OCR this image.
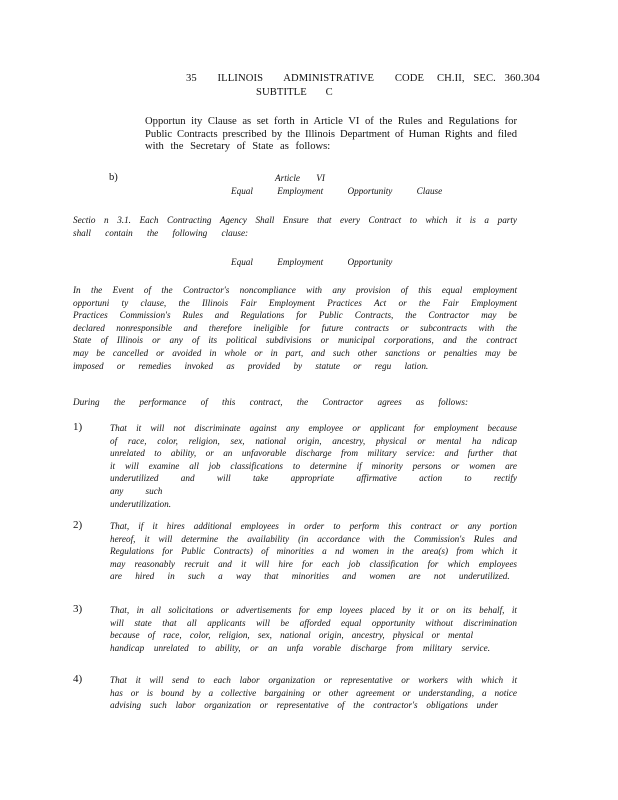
35 ILLINOIS ADMINISTRATIVE CODE CH.II, SEC. 360.304
SUBTITLE C
Opportun ity Clause as set forth in Article VI of the Rules and Regulations for
Public Contracts prescribed by the Illinois Department of Human Rights and filed
with the Secretary of State as follows:
b)	Article VI
Equal Employment Opportunity Clause
Sectio n 3.1. Each Contracting Agency Shall Ensure that every Contract to which it is a party
shall contain the following clause:
Equal Employment Opportunity
In the Event of the Contractor's noncompliance with any provision of this equal employment
opportuni ty clause, the Illinois Fair Employment Practices Act or the Fair Employment
Practices Commission's Rules and Regulations for Public Contracts, the Contractor may be
declared nonresponsible and therefore ineligible for future contracts or subcontracts with the
State of Illinois or any of its political subdivisions or municipal corporations, and the contract
may be cancelled or avoided in whole or in part, and such other sanctions or penalties may be
imposed or remedies invoked as provided by statute or regu lation.
During the performance of this contract, the Contractor agrees as follows:
1)	That it will not discriminate against any employee or applicant for employment because
of race, color, religion, sex, national origin, ancestry, physical or mental ha ndicap
unrelated to ability, or an unfavorable discharge from military service: and further that
it will examine all job classifications to determine if minority persons or women are
underutilized and will take appropriate affirmative action to rectify any such
underutilization.
2)	That, if it hires additional employees in order to perform this contract or any portion
hereof, it will determine the availability (in accordance with the Commission's Rules and
Regulations for Public Contracts) of minorities a nd women in the area(s) from which it
may reasonably recruit and it will hire for each job classification for which employees
are hired in such a way that minorities and women are not underutilized.
3)	That, in all solicitations or advertisements for emp loyees placed by it or on its behalf, it
will state that all applicants will be afforded equal opportunity without discrimination
because of race, color, religion, sex, national origin, ancestry, physical or mental
handicap unrelated to ability, or an unfa vorable discharge from military service.
4)	That it will send to each labor organization or representative or workers with which it
has or is bound by a collective bargaining or other agreement or understanding, a notice
advising such labor organization or representative of the contractor's obligations under
